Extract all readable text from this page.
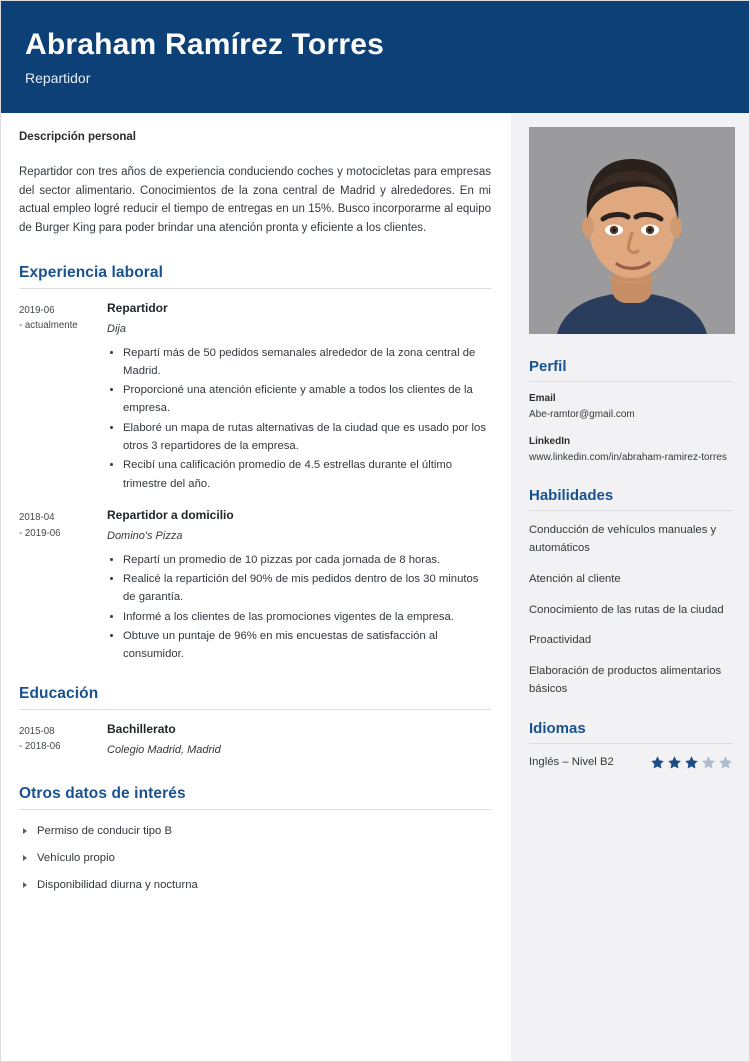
Abraham Ramírez Torres
Repartidor
Descripción personal
Repartidor con tres años de experiencia conduciendo coches y motocicletas para empresas del sector alimentario. Conocimientos de la zona central de Madrid y alrededores. En mi actual empleo logré reducir el tiempo de entregas en un 15%. Busco incorporarme al equipo de Burger King para poder brindar una atención pronta y eficiente a los clientes.
Experiencia laboral
2019-06
- actualmente
Repartidor
Dija
Repartí más de 50 pedidos semanales alrededor de la zona central de Madrid.
Proporcioné una atención eficiente y amable a todos los clientes de la empresa.
Elaboré un mapa de rutas alternativas de la ciudad que es usado por los otros 3 repartidores de la empresa.
Recibí una calificación promedio de 4.5 estrellas durante el último trimestre del año.
2018-04
- 2019-06
Repartidor a domicilio
Domino's Pizza
Repartí un promedio de 10 pizzas por cada jornada de 8 horas.
Realicé la repartición del 90% de mis pedidos dentro de los 30 minutos de garantía.
Informé a los clientes de las promociones vigentes de la empresa.
Obtuve un puntaje de 96% en mis encuestas de satisfacción al consumidor.
Educación
2015-08
- 2018-06
Bachillerato
Colegio Madrid, Madrid
Otros datos de interés
Permiso de conducir tipo B
Vehículo propio
Disponibilidad diurna y nocturna
Perfil
Email
Abe-ramtor@gmail.com
LinkedIn
www.linkedin.com/in/abraham-ramirez-torres
Habilidades
Conducción de vehículos manuales y automáticos
Atención al cliente
Conocimiento de las rutas de la ciudad
Proactividad
Elaboración de productos alimentarios básicos
Idiomas
Inglés – Nivel B2
